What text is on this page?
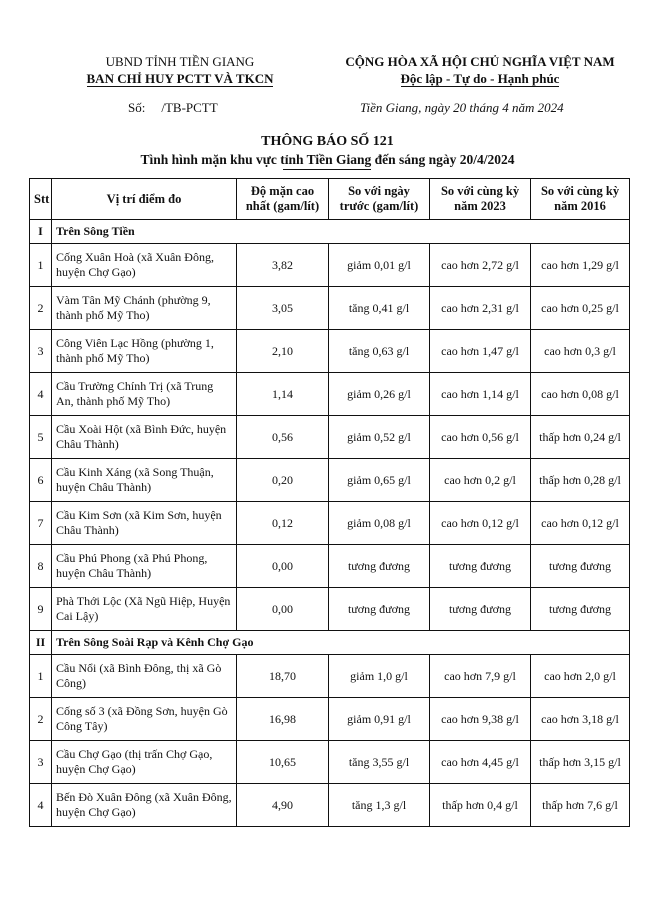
UBND TỈNH TIỀN GIANG
BAN CHỈ HUY PCTT VÀ TKCN
CỘNG HÒA XÃ HỘI CHỦ NGHĨA VIỆT NAM
Độc lập - Tự do - Hạnh phúc
Số: /TB-PCTT	Tiền Giang, ngày 20 tháng 4 năm 2024
THÔNG BÁO SỐ 121
Tình hình mặn khu vực tỉnh Tiền Giang đến sáng ngày 20/4/2024
Stt	Vị trí điểm đo	Độ mặn cao nhất (gam/lít)	So với ngày trước (gam/lít)	So với cùng kỳ năm 2023	So với cùng kỳ năm 2016
I	Trên Sông Tiền				
1	Cống Xuân Hoà (xã Xuân Đông, huyện Chợ Gạo)	3,82	giảm 0,01 g/l	cao hơn 2,72 g/l	cao hơn 1,29 g/l
2	Vàm Tân Mỹ Chánh (phường 9, thành phố Mỹ Tho)	3,05	tăng 0,41 g/l	cao hơn 2,31 g/l	cao hơn 0,25 g/l
3	Công Viên Lạc Hồng (phường 1, thành phố Mỹ Tho)	2,10	tăng 0,63 g/l	cao hơn 1,47 g/l	cao hơn 0,3 g/l
4	Cầu Trường Chính Trị (xã Trung An, thành phố Mỹ Tho)	1,14	giảm 0,26 g/l	cao hơn 1,14 g/l	cao hơn 0,08 g/l
5	Cầu Xoài Hột (xã Bình Đức, huyện Châu Thành)	0,56	giảm 0,52 g/l	cao hơn 0,56 g/l	thấp hơn 0,24 g/l
6	Cầu Kinh Xáng (xã Song Thuận, huyện Châu Thành)	0,20	giảm 0,65 g/l	cao hơn 0,2 g/l	thấp hơn 0,28 g/l
7	Cầu Kim Sơn (xã Kim Sơn, huyện Châu Thành)	0,12	giảm 0,08 g/l	cao hơn 0,12 g/l	cao hơn 0,12 g/l
8	Cầu Phú Phong (xã Phú Phong, huyện Châu Thành)	0,00	tương đương	tương đương	tương đương
9	Phà Thới Lộc (Xã Ngũ Hiệp, Huyện Cai Lậy)	0,00	tương đương	tương đương	tương đương
II	Trên Sông Soài Rạp và Kênh Chợ Gạo				
1	Cầu Nổi (xã Bình Đông, thị xã Gò Công)	18,70	giảm 1,0 g/l	cao hơn 7,9 g/l	cao hơn 2,0 g/l
2	Cống số 3 (xã Đồng Sơn, huyện Gò Công Tây)	16,98	giảm 0,91 g/l	cao hơn 9,38 g/l	cao hơn 3,18 g/l
3	Cầu Chợ Gạo (thị trấn Chợ Gạo, huyện Chợ Gạo)	10,65	tăng 3,55 g/l	cao hơn 4,45 g/l	thấp hơn 3,15 g/l
4	Bến Đò Xuân Đông (xã Xuân Đông, huyện Chợ Gạo)	4,90	tăng 1,3 g/l	thấp hơn 0,4 g/l	thấp hơn 7,6 g/l
